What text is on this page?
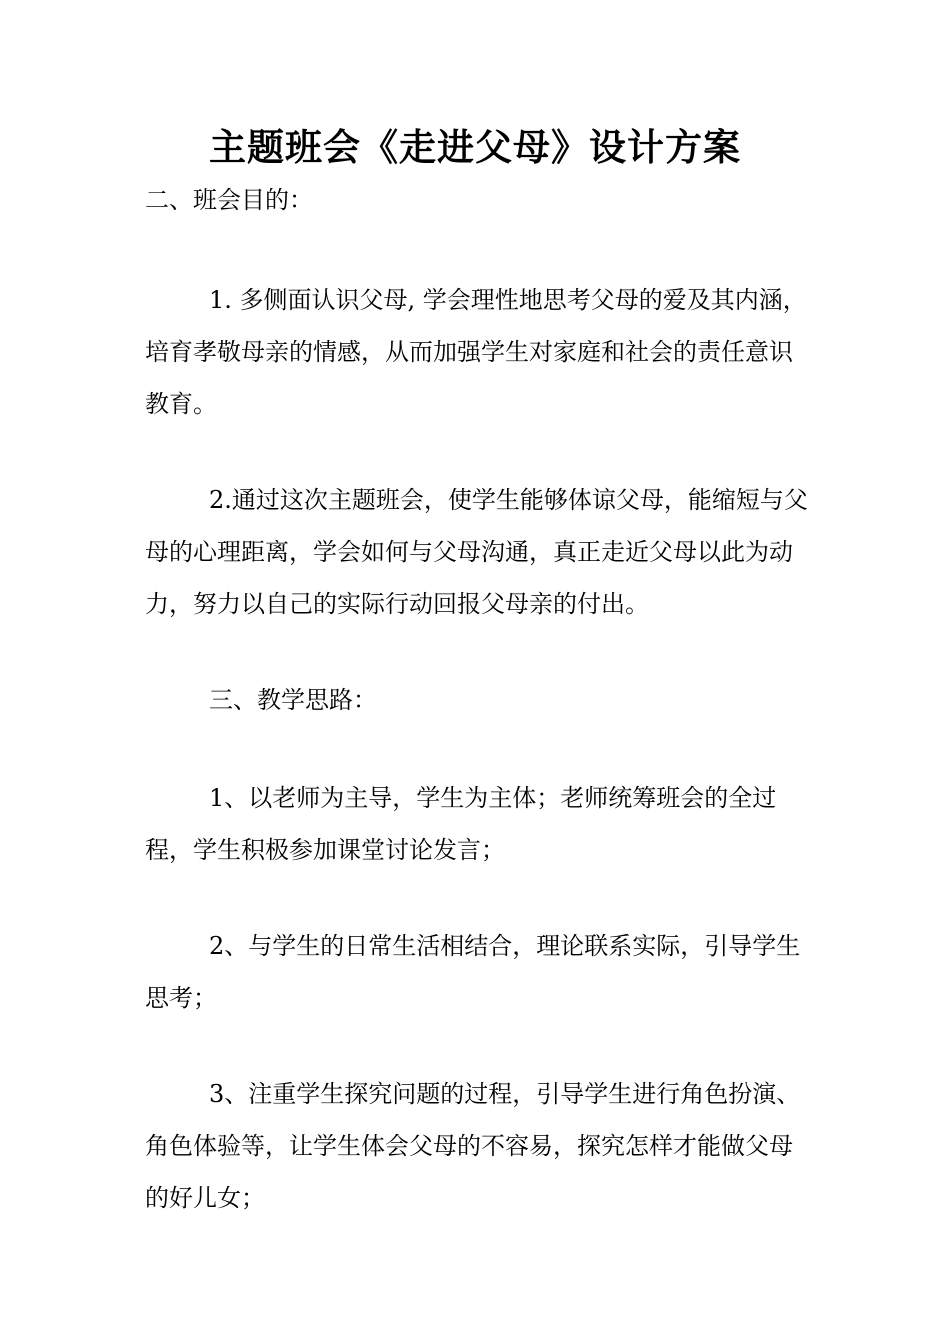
主题班会《走进父母》设计方案

二、班会目的：

1. 多侧面认识父母, 学会理性地思考父母的爱及其内涵，培育孝敬母亲的情感，从而加强学生对家庭和社会的责任意识教育。

2.通过这次主题班会，使学生能够体谅父母，能缩短与父母的心理距离，学会如何与父母沟通，真正走近父母以此为动力，努力以自己的实际行动回报父母亲的付出。

三、教学思路：

1、以老师为主导，学生为主体；老师统筹班会的全过程，学生积极参加课堂讨论发言；

2、与学生的日常生活相结合，理论联系实际，引导学生思考；

3、注重学生探究问题的过程，引导学生进行角色扮演、角色体验等，让学生体会父母的不容易，探究怎样才能做父母的好儿女；
